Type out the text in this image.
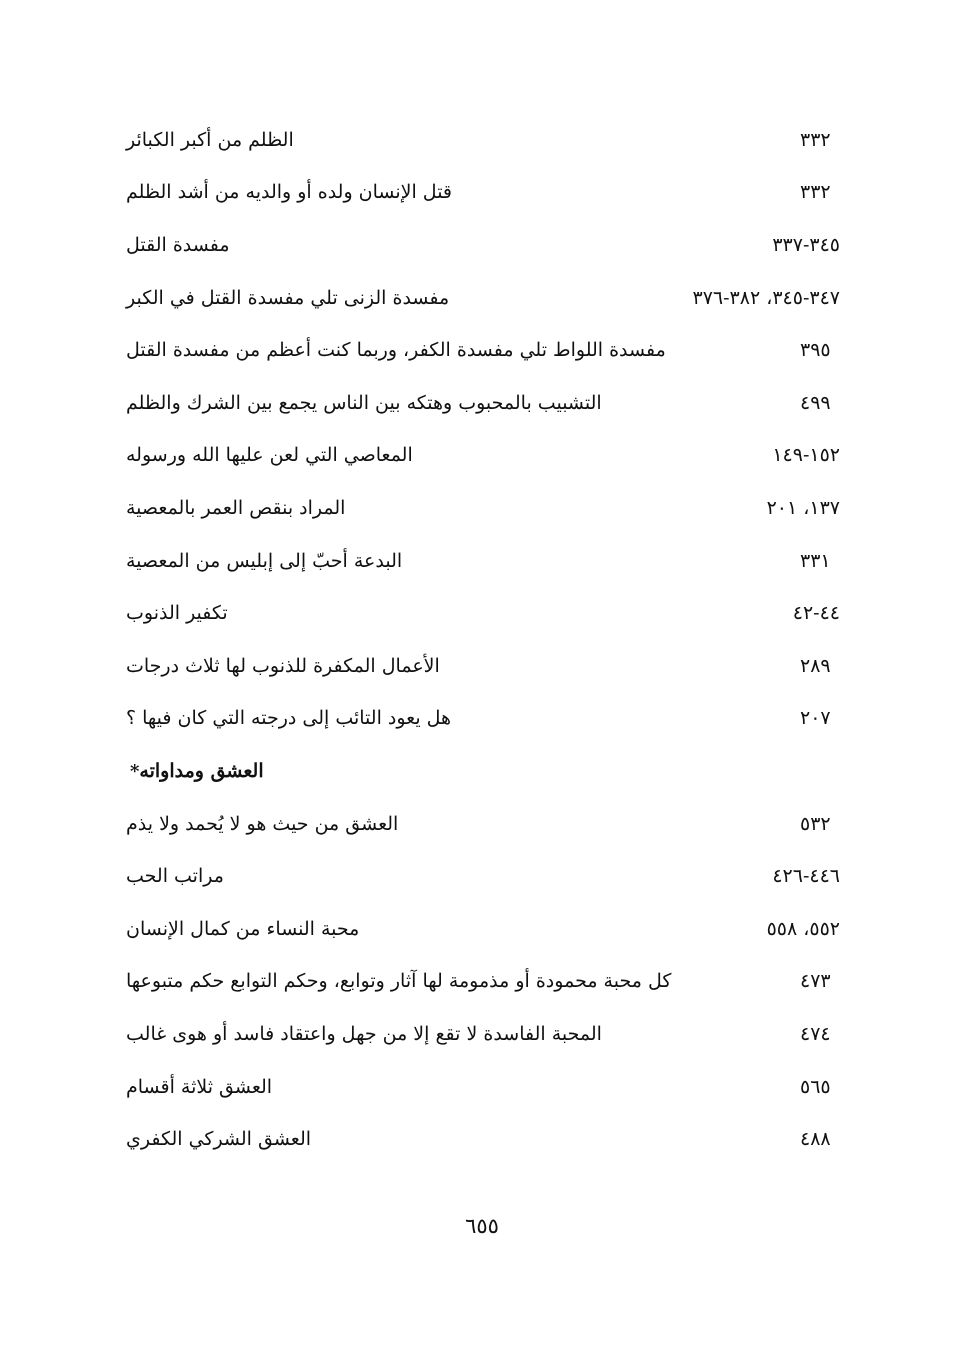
الظلم من أكبر الكبائر	٣٣٢
قتل الإنسان ولده أو والديه من أشد الظلم	٣٣٢
مفسدة القتل	٣٤٥-٣٣٧
مفسدة الزنى تلي مفسدة القتل في الكبر	٣٤٧-٣٤٥، ٣٨٢-٣٧٦
مفسدة اللواط تلي مفسدة الكفر، وربما كنت أعظم من مفسدة القتل	٣٩٥
التشبيب بالمحبوب وهتكه بين الناس يجمع بين الشرك والظلم	٤٩٩
المعاصي التي لعن عليها الله ورسوله	١٥٢-١٤٩
المراد بنقص العمر بالمعصية	١٣٧، ٢٠١
البدعة أحبّ إلى إبليس من المعصية	٣٣١
تكفير الذنوب	٤٤-٤٢
الأعمال المكفرة للذنوب لها ثلاث درجات	٢٨٩
هل يعود التائب إلى درجته التي كان فيها ؟	٢٠٧
* العشق ومداواته
العشق من حيث هو لا يُحمد ولا يذم	٥٣٢
مراتب الحب	٤٤٦-٤٢٦
محبة النساء من كمال الإنسان	٥٥٢، ٥٥٨
كل محبة محمودة أو مذمومة لها آثار وتوابع، وحكم التوابع حكم متبوعها	٤٧٣
المحبة الفاسدة لا تقع إلا من جهل واعتقاد فاسد أو هوى غالب	٤٧٤
العشق ثلاثة أقسام	٥٦٥
العشق الشركي الكفري	٤٨٨
٦٥٥
